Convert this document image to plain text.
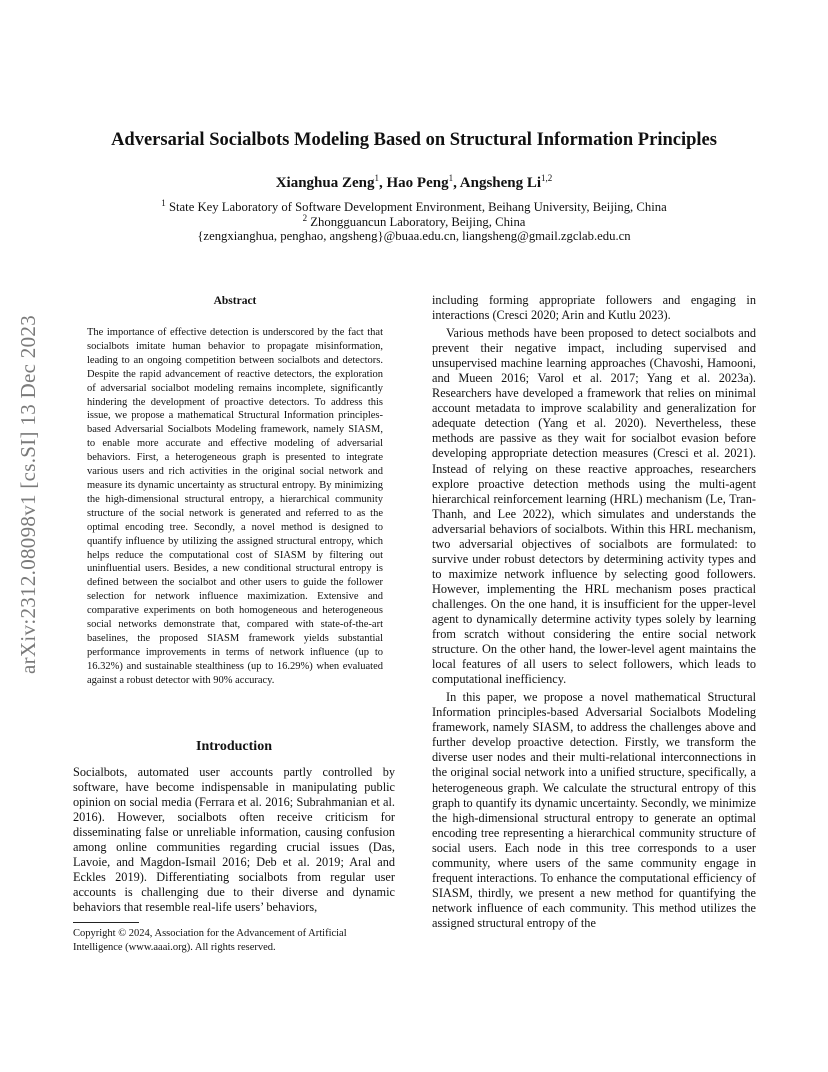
arXiv:2312.08098v1 [cs.SI] 13 Dec 2023
Adversarial Socialbots Modeling Based on Structural Information Principles
Xianghua Zeng$^1$, Hao Peng$^1$, Angsheng Li$^{1,2}$
$^1$ State Key Laboratory of Software Development Environment, Beihang University, Beijing, China
$^2$ Zhongguancun Laboratory, Beijing, China
{zengxianghua, penghao, angsheng}@buaa.edu.cn, liangsheng@gmail.zgclab.edu.cn
Abstract

The importance of effective detection is underscored by the fact that socialbots imitate human behavior to propagate misinformation, leading to an ongoing competition between socialbots and detectors. Despite the rapid advancement of reactive detectors, the exploration of adversarial socialbot modeling remains incomplete, significantly hindering the development of proactive detectors. To address this issue, we propose a mathematical Structural Information principles-based Adversarial Socialbots Modeling framework, namely SIASM, to enable more accurate and effective modeling of adversarial behaviors. First, a heterogeneous graph is presented to integrate various users and rich activities in the original social network and measure its dynamic uncertainty as structural entropy. By minimizing the high-dimensional structural entropy, a hierarchical community structure of the social network is generated and referred to as the optimal encoding tree. Secondly, a novel method is designed to quantify influence by utilizing the assigned structural entropy, which helps reduce the computational cost of SIASM by filtering out uninfluential users. Besides, a new conditional structural entropy is defined between the socialbot and other users to guide the follower selection for network influence maximization. Extensive and comparative experiments on both homogeneous and heterogeneous social networks demonstrate that, compared with state-of-the-art baselines, the proposed SIASM framework yields substantial performance improvements in terms of network influence (up to 16.32%) and sustainable stealthiness (up to 16.29%) when evaluated against a robust detector with 90% accuracy.

Introduction

Socialbots, automated user accounts partly controlled by software, have become indispensable in manipulating public opinion on social media (Ferrara et al. 2016; Subrahmanian et al. 2016). However, socialbots often receive criticism for disseminating false or unreliable information, causing confusion among online communities regarding crucial issues (Das, Lavoie, and Magdon-Ismail 2016; Deb et al. 2019; Aral and Eckles 2019). Differentiating socialbots from regular user accounts is challenging due to their diverse and dynamic behaviors that resemble real-life users’ behaviors,

Copyright © 2024, Association for the Advancement of Artificial Intelligence (www.aaai.org). All rights reserved.

including forming appropriate followers and engaging in interactions (Cresci 2020; Arin and Kutlu 2023).

Various methods have been proposed to detect socialbots and prevent their negative impact, including supervised and unsupervised machine learning approaches (Chavoshi, Hamooni, and Mueen 2016; Varol et al. 2017; Yang et al. 2023a). Researchers have developed a framework that relies on minimal account metadata to improve scalability and generalization for adequate detection (Yang et al. 2020). Nevertheless, these methods are passive as they wait for socialbot evasion before developing appropriate detection measures (Cresci et al. 2021). Instead of relying on these reactive approaches, researchers explore proactive detection methods using the multi-agent hierarchical reinforcement learning (HRL) mechanism (Le, Tran-Thanh, and Lee 2022), which simulates and understands the adversarial behaviors of socialbots. Within this HRL mechanism, two adversarial objectives of socialbots are formulated: to survive under robust detectors by determining activity types and to maximize network influence by selecting good followers. However, implementing the HRL mechanism poses practical challenges. On the one hand, it is insufficient for the upper-level agent to dynamically determine activity types solely by learning from scratch without considering the entire social network structure. On the other hand, the lower-level agent maintains the local features of all users to select followers, which leads to computational inefficiency.

In this paper, we propose a novel mathematical Structural Information principles-based Adversarial Socialbots Modeling framework, namely SIASM, to address the challenges above and further develop proactive detection. Firstly, we transform the diverse user nodes and their multi-relational interconnections in the original social network into a unified structure, specifically, a heterogeneous graph. We calculate the structural entropy of this graph to quantify its dynamic uncertainty. Secondly, we minimize the high-dimensional structural entropy to generate an optimal encoding tree representing a hierarchical community structure of social users. Each node in this tree corresponds to a user community, where users of the same community engage in frequent interactions. To enhance the computational efficiency of SIASM, thirdly, we present a new method for quantifying the network influence of each community. This method utilizes the assigned structural entropy of the
